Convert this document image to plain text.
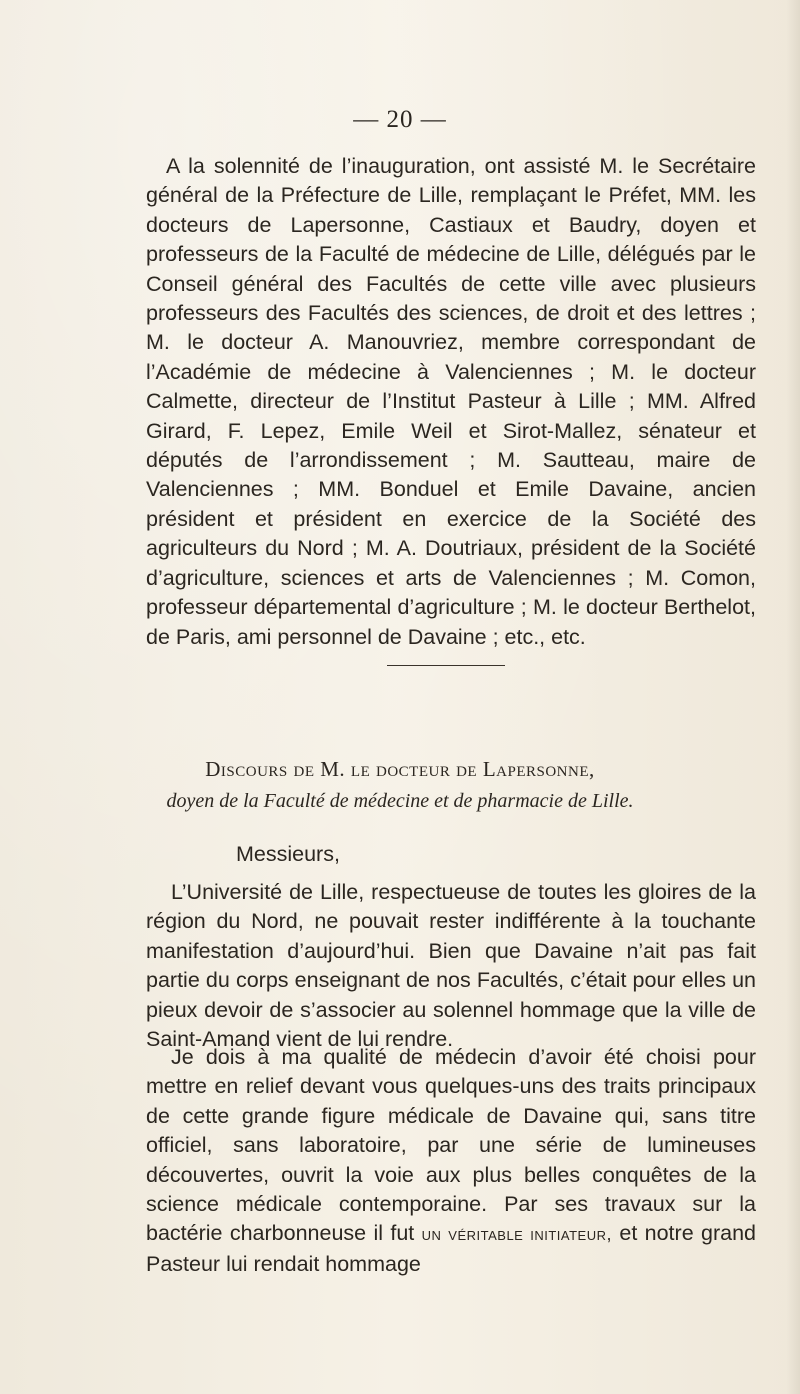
— 20 —
A la solennité de l’inauguration, ont assisté M. le Secrétaire général de la Préfecture de Lille, remplaçant le Préfet, MM. les docteurs de Lapersonne, Castiaux et Baudry, doyen et professeurs de la Faculté de médecine de Lille, délégués par le Conseil général des Facultés de cette ville avec plusieurs professeurs des Facultés des sciences, de droit et des lettres ; M. le docteur A. Manouvriez, membre correspondant de l’Académie de médecine à Valenciennes ; M. le docteur Calmette, directeur de l’Institut Pasteur à Lille ; MM. Alfred Girard, F. Lepez, Emile Weil et Sirot-Mallez, sénateur et députés de l’arrondissement ; M. Sautteau, maire de Valenciennes ; MM. Bonduel et Emile Davaine, ancien président et président en exercice de la Société des agriculteurs du Nord ; M. A. Doutriaux, président de la Société d’agriculture, sciences et arts de Valenciennes ; M. Comon, professeur départemental d’agriculture ; M. le docteur Berthelot, de Paris, ami personnel de Davaine ; etc., etc.
Discours de M. le docteur de Lapersonne,
doyen de la Faculté de médecine et de pharmacie de Lille.
Messieurs,
L’Université de Lille, respectueuse de toutes les gloires de la région du Nord, ne pouvait rester indifférente à la touchante manifestation d’aujourd’hui. Bien que Davaine n’ait pas fait partie du corps enseignant de nos Facultés, c’était pour elles un pieux devoir de s’associer au solennel hommage que la ville de Saint-Amand vient de lui rendre.
Je dois à ma qualité de médecin d’avoir été choisi pour mettre en relief devant vous quelques-uns des traits principaux de cette grande figure médicale de Davaine qui, sans titre officiel, sans laboratoire, par une série de lumineuses découvertes, ouvrit la voie aux plus belles conquêtes de la science médicale contemporaine. Par ses travaux sur la bactérie charbonneuse il fut un véritable initiateur, et notre grand Pasteur lui rendait hommage
